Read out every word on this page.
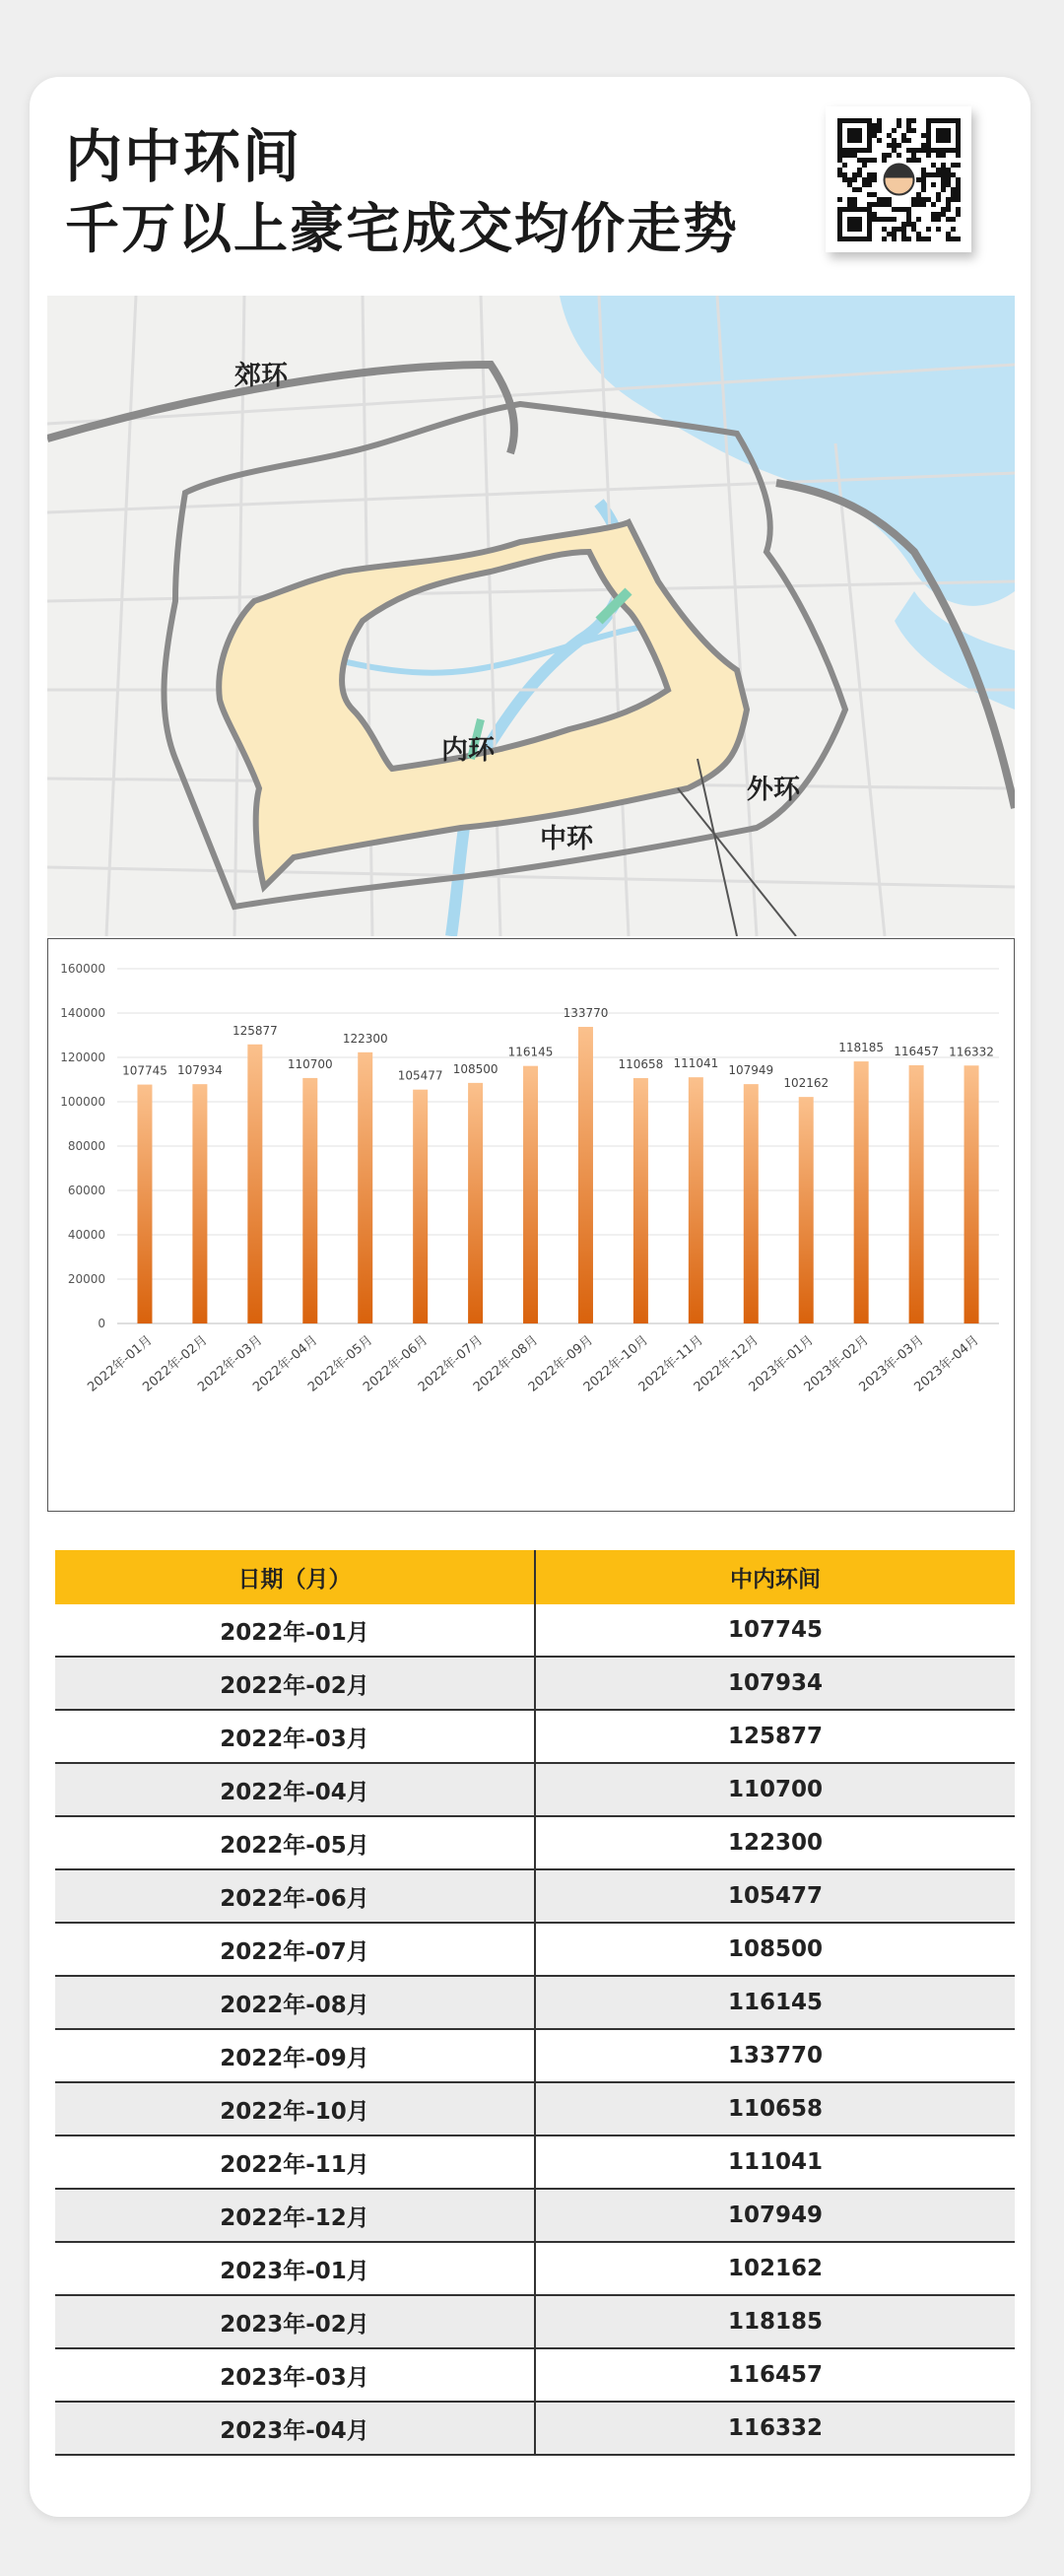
内中环间
千万以上豪宅成交均价走势
郊环
内环
中环
外环
0
20000
40000
60000
80000
100000
120000
140000
160000
107745
2022年-01月
107934
2022年-02月
125877
2022年-03月
110700
2022年-04月
122300
2022年-05月
105477
2022年-06月
108500
2022年-07月
116145
2022年-08月
133770
2022年-09月
110658
2022年-10月
111041
2022年-11月
107949
2022年-12月
102162
2023年-01月
118185
2023年-02月
116457
2023年-03月
116332
2023年-04月
日期（月）	中内环间
2022年-01月	107745
2022年-02月	107934
2022年-03月	125877
2022年-04月	110700
2022年-05月	122300
2022年-06月	105477
2022年-07月	108500
2022年-08月	116145
2022年-09月	133770
2022年-10月	110658
2022年-11月	111041
2022年-12月	107949
2023年-01月	102162
2023年-02月	118185
2023年-03月	116457
2023年-04月	116332
